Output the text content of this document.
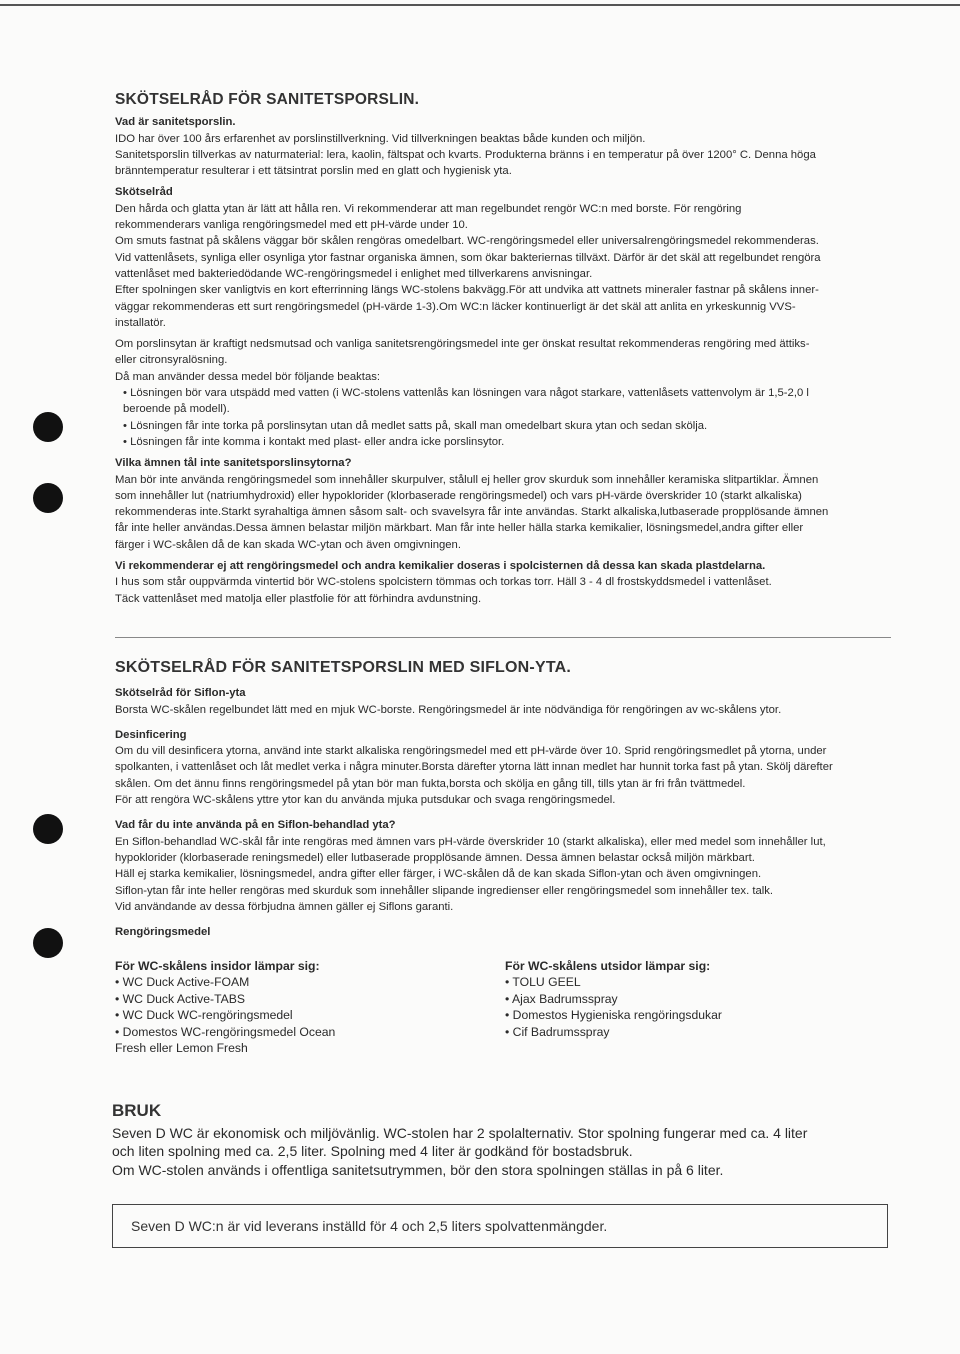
SKÖTSELRÅD FÖR SANITETSPORSLIN.

Vad är sanitetsporslin.

IDO har över 100 års erfarenhet av porslinstillverkning. Vid tillverkningen beaktas både kunden och miljön.
Sanitetsporslin tillverkas av naturmaterial: lera, kaolin, fältspat och kvarts. Produkterna bränns i en temperatur på över 1200° C. Denna höga
bränntemperatur resulterar i ett tätsintrat porslin med en glatt och hygienisk yta.

Skötselråd

Den hårda och glatta ytan är lätt att hålla ren. Vi rekommenderar att man regelbundet rengör WC:n med borste. För rengöring
rekommenderars vanliga rengöringsmedel med ett pH-värde under 10.
Om smuts fastnat på skålens väggar bör skålen rengöras omedelbart. WC-rengöringsmedel eller universalrengöringsmedel rekommenderas.
Vid vattenlåsets, synliga eller osynliga ytor fastnar organiska ämnen, som ökar bakteriernas tillväxt. Därför är det skäl att regelbundet rengöra
vattenlåset med bakteriedödande WC-rengöringsmedel i enlighet med tillverkarens anvisningar.
Efter spolningen sker vanligtvis en kort efterrinning längs WC-stolens bakvägg.För att undvika att vattnets mineraler fastnar på skålens inner-
väggar rekommenderas ett surt rengöringsmedel (pH-värde 1-3).Om WC:n läcker kontinuerligt är det skäl att anlita en yrkeskunnig VVS-
installatör.

Om porslinsytan är kraftigt nedsmutsad och vanliga sanitetsrengöringsmedel inte ger önskat resultat rekommenderas rengöring med ättiks-
eller citronsyralösning.
Då man använder dessa medel bör följande beaktas:

• Lösningen bör vara utspädd med vatten (i WC-stolens vattenlås kan lösningen vara något starkare, vattenlåsets vattenvolym är 1,5-2,0 l
beroende på modell).

• Lösningen får inte torka på porslinsytan utan då medlet satts på, skall man omedelbart skura ytan och sedan skölja.

• Lösningen får inte komma i kontakt med plast- eller andra icke porslinsytor.

Vilka ämnen tål inte sanitetsporslinsytorna?

Man bör inte använda rengöringsmedel som innehåller skurpulver, stålull ej heller grov skurduk som innehåller keramiska slitpartiklar. Ämnen
som innehåller lut (natriumhydroxid) eller hypoklorider (klorbaserade rengöringsmedel) och vars pH-värde överskrider 10 (starkt alkaliska)
rekommenderas inte.Starkt syrahaltiga ämnen såsom salt- och svavelsyra får inte användas. Starkt alkaliska,lutbaserade propplösande ämnen
får inte heller användas.Dessa ämnen belastar miljön märkbart. Man får inte heller hälla starka kemikalier, lösningsmedel,andra gifter eller
färger i WC-skålen då de kan skada WC-ytan och även omgivningen.

Vi rekommenderar ej att rengöringsmedel och andra kemikalier doseras i spolcisternen då dessa kan skada plastdelarna.

I hus som står ouppvärmda vintertid bör WC-stolens spolcistern tömmas och torkas torr. Häll 3 - 4 dl frostskyddsmedel i vattenlåset.
Täck vattenlåset med matolja eller plastfolie för att förhindra avdunstning.

SKÖTSELRÅD FÖR SANITETSPORSLIN MED SIFLON-YTA.

Skötselråd för Siflon-yta

Borsta WC-skålen regelbundet lätt med en mjuk WC-borste. Rengöringsmedel är inte nödvändiga för rengöringen av wc-skålens ytor.

Desinficering

Om du vill desinficera ytorna, använd inte starkt alkaliska rengöringsmedel med ett pH-värde över 10. Sprid rengöringsmedlet på ytorna, under
spolkanten, i vattenlåset och låt medlet verka i några minuter.Borsta därefter ytorna lätt innan medlet har hunnit torka fast på ytan. Skölj därefter
skålen. Om det ännu finns rengöringsmedel på ytan bör man fukta,borsta och skölja en gång till, tills ytan är fri från tvättmedel.
För att rengöra WC-skålens yttre ytor kan du använda mjuka putsdukar och svaga rengöringsmedel.

Vad får du inte använda på en Siflon-behandlad yta?

En Siflon-behandlad WC-skål får inte rengöras med ämnen vars pH-värde överskrider 10 (starkt alkaliska), eller med medel som innehåller lut,
hypoklorider (klorbaserade reningsmedel) eller lutbaserade propplösande ämnen. Dessa ämnen belastar också miljön märkbart.
Häll ej starka kemikalier, lösningsmedel, andra gifter eller färger, i WC-skålen då de kan skada Siflon-ytan och även omgivningen.
Siflon-ytan får inte heller rengöras med skurduk som innehåller slipande ingredienser eller rengöringsmedel som innehåller tex. talk.
Vid användande av dessa förbjudna ämnen gäller ej Siflons garanti.

Rengöringsmedel

För WC-skålens insidor lämpar sig:

• WC Duck Active-FOAM

• WC Duck Active-TABS

• WC Duck WC-rengöringsmedel

• Domestos WC-rengöringsmedel Ocean
Fresh eller Lemon Fresh

För WC-skålens utsidor lämpar sig:

• TOLU GEEL

• Ajax Badrumsspray

• Domestos Hygieniska rengöringsdukar

• Cif Badrumsspray

BRUK

Seven D WC är ekonomisk och miljövänlig. WC-stolen har 2 spolalternativ. Stor spolning fungerar med ca. 4 liter
och liten spolning med ca. 2,5 liter. Spolning med 4 liter är godkänd för bostadsbruk.
Om WC-stolen används i offentliga sanitetsutrymmen, bör den stora spolningen ställas in på 6 liter.

Seven D WC:n är vid leverans inställd för 4 och 2,5 liters spolvattenmängder.
